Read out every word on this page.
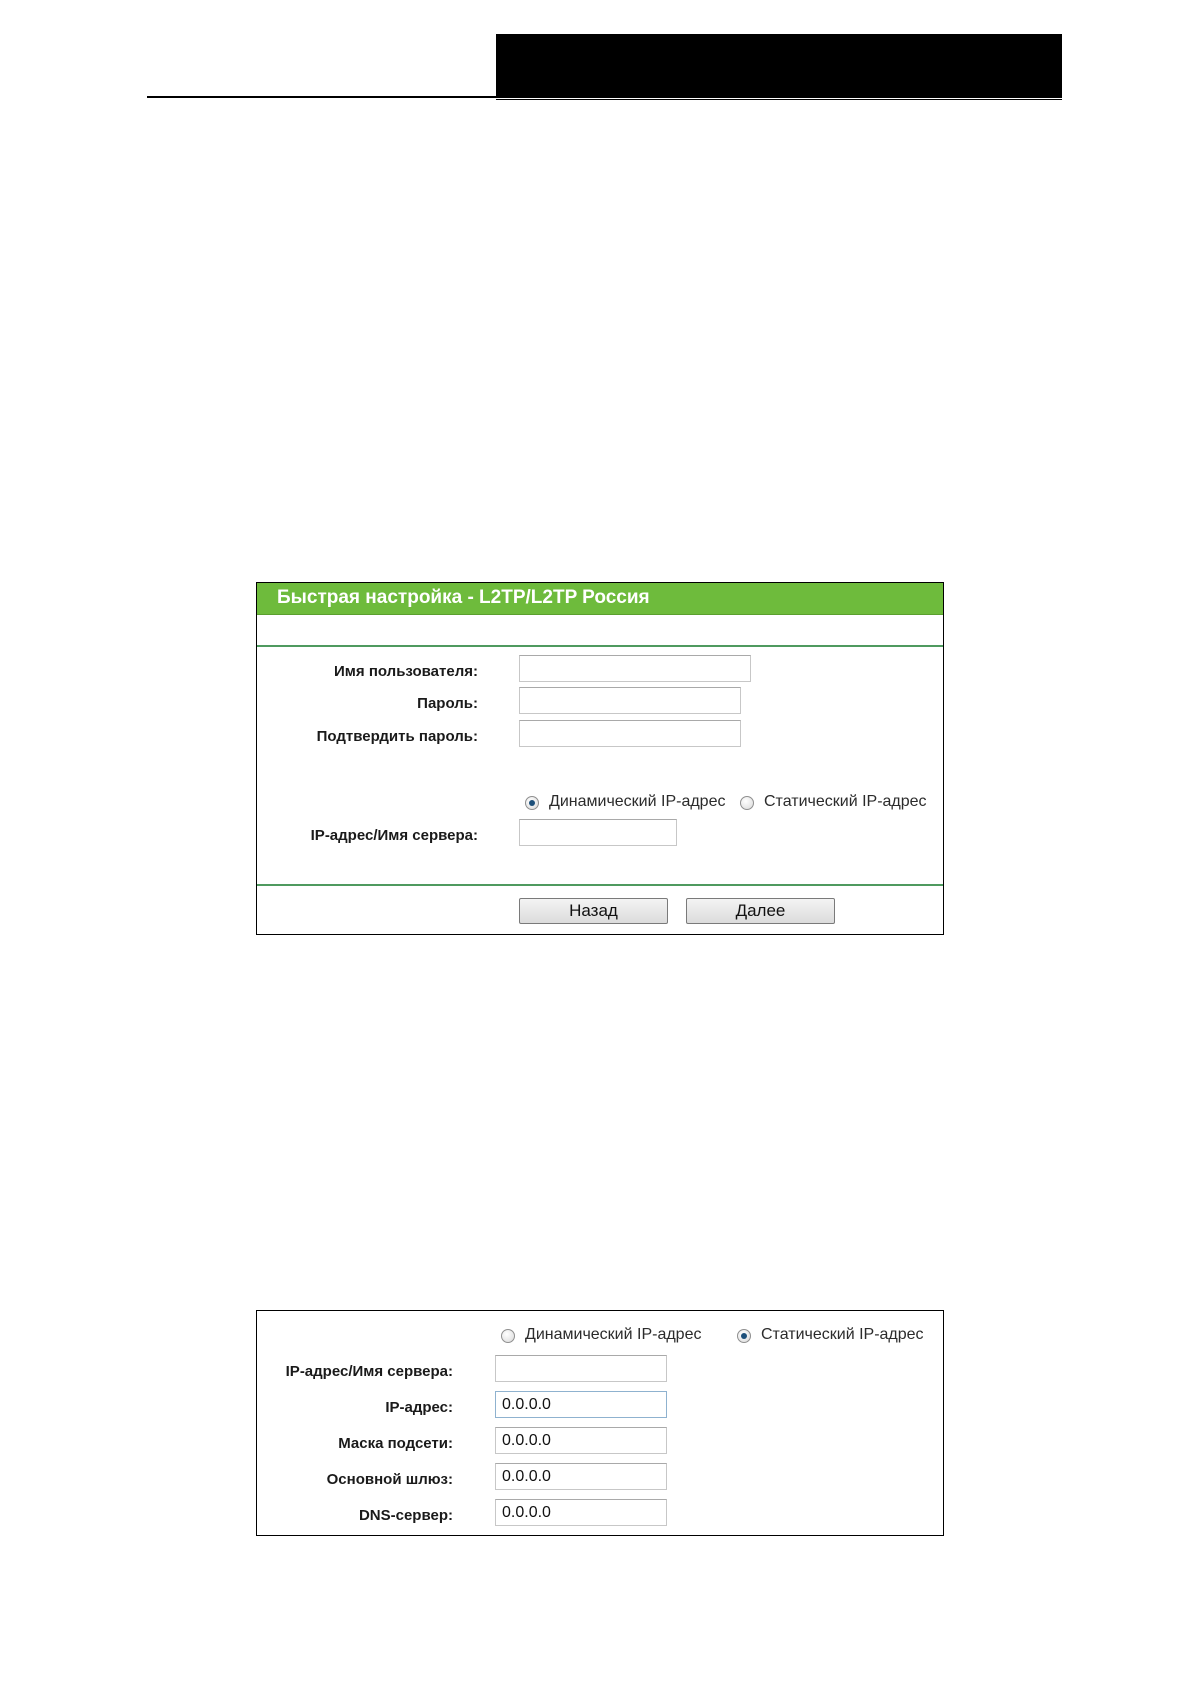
Быстрая настройка - L2TP/L2TP Россия
Имя пользователя:
Пароль:
Подтвердить пароль:
Динамический IP-адрес Статический IP-адрес
IP-адрес/Имя сервера:
Назад	Далее
Динамический IP-адрес	Статический IP-адрес
IP-адрес/Имя сервера:
IP-адрес:
0.0.0.0
Маска подсети:
0.0.0.0
Основной шлюз:
0.0.0.0
DNS-сервер:
0.0.0.0
